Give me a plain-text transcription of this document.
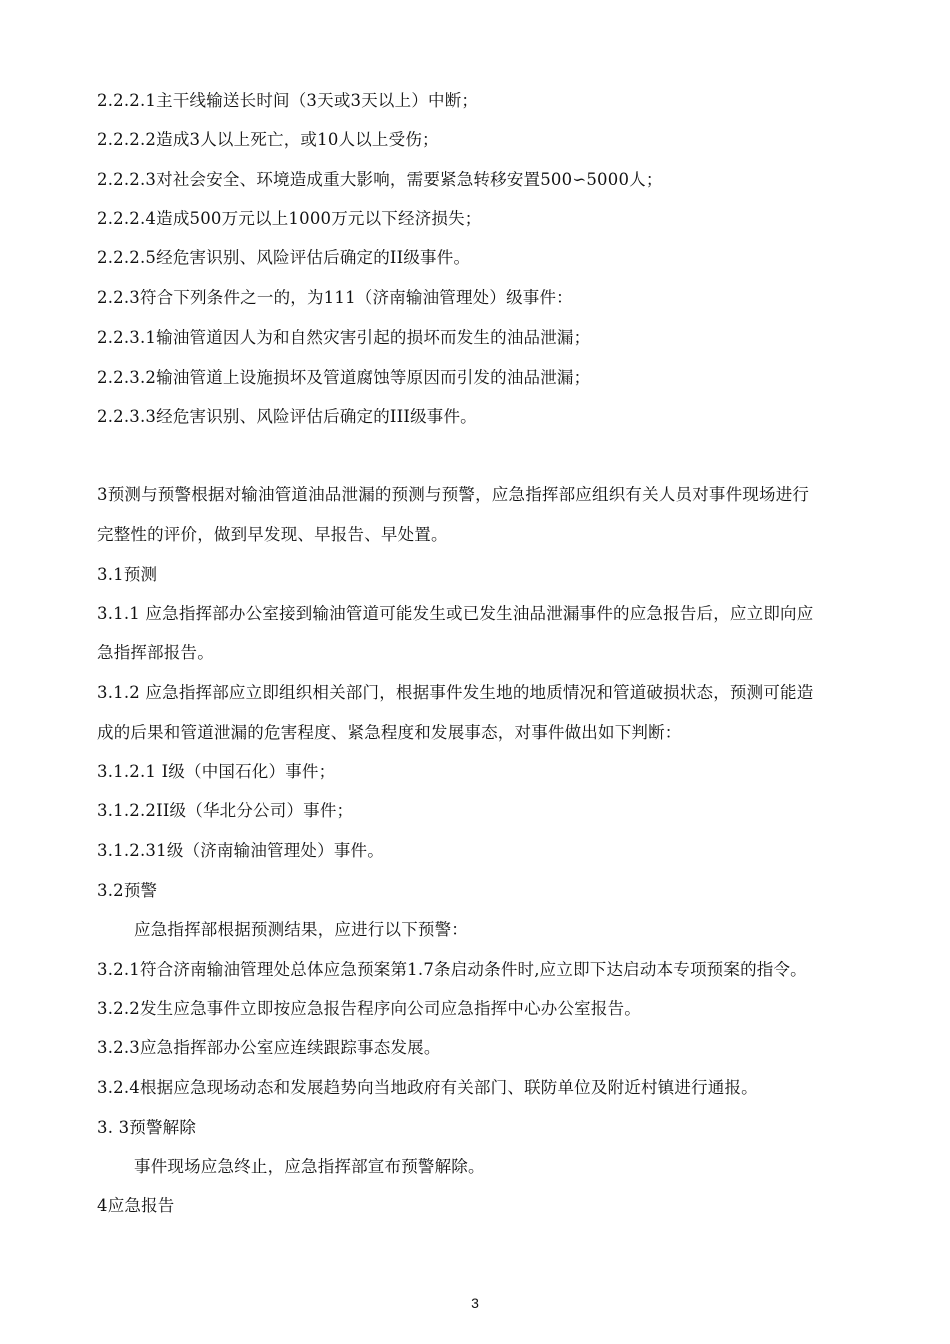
2.2.2.1主干线输送长时间（3天或3天以上）中断；
2.2.2.2造成3人以上死亡，或10人以上受伤；
2.2.2.3对社会安全、环境造成重大影响，需要紧急转移安置500∽5000人；
2.2.2.4造成500万元以上1000万元以下经济损失；
2.2.2.5经危害识别、风险评估后确定的II级事件。
2.2.3符合下列条件之一的，为111（济南输油管理处）级事件：
2.2.3.1输油管道因人为和自然灾害引起的损坏而发生的油品泄漏；
2.2.3.2输油管道上设施损坏及管道腐蚀等原因而引发的油品泄漏；
2.2.3.3经危害识别、风险评估后确定的III级事件。
3预测与预警根据对输油管道油品泄漏的预测与预警，应急指挥部应组织有关人员对事件现场进行
完整性的评价，做到早发现、早报告、早处置。
3.1预测
3.1.1 应急指挥部办公室接到输油管道可能发生或已发生油品泄漏事件的应急报告后，应立即向应
急指挥部报告。
3.1.2 应急指挥部应立即组织相关部门，根据事件发生地的地质情况和管道破损状态，预测可能造
成的后果和管道泄漏的危害程度、紧急程度和发展事态，对事件做出如下判断：
3.1.2.1 I级（中国石化）事件；
3.1.2.2II级（华北分公司）事件；
3.1.2.31级（济南输油管理处）事件。
3.2预警
应急指挥部根据预测结果，应进行以下预警：
3.2.1符合济南输油管理处总体应急预案第1.7条启动条件时,应立即下达启动本专项预案的指令。
3.2.2发生应急事件立即按应急报告程序向公司应急指挥中心办公室报告。
3.2.3应急指挥部办公室应连续跟踪事态发展。
3.2.4根据应急现场动态和发展趋势向当地政府有关部门、联防单位及附近村镇进行通报。
3. 3预警解除
事件现场应急终止，应急指挥部宣布预警解除。
4应急报告
3
